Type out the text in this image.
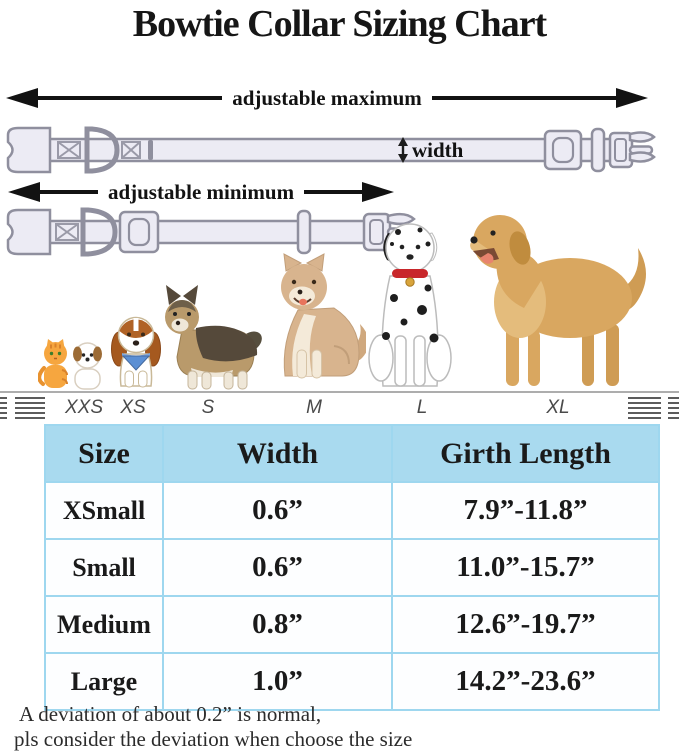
Bowtie Collar Sizing Chart
adjustable maximum
width
adjustable minimum
XXS XS	S	M	L	XL
Size	Width	Girth Length
XSmall	0.6”	7.9”-11.8”
Small	0.6”	11.0”-15.7”
Medium	0.8”	12.6”-19.7”
Large	1.0”	14.2”-23.6”
A deviation of about 0.2” is normal,
pls consider the deviation when choose the size
